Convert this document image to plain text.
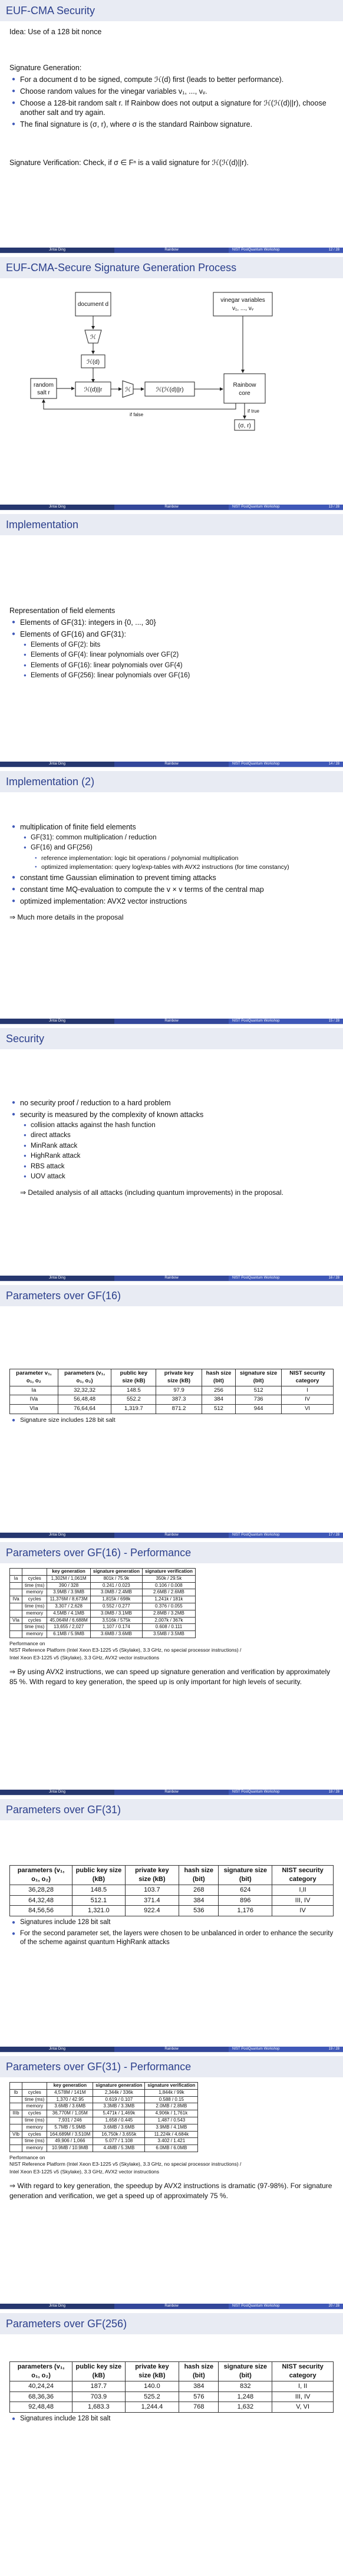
EUF-CMA Security
Idea: Use of a 128 bit nonce
Signature Generation:
● For a document d to be signed, compute ℋ(d) first (leads to better performance).
● Choose random values for the vinegar variables v₁, ..., vᵥ.
● Choose a 128-bit random salt r. If Rainbow does not output a signature for ℋ(ℋ(d)||r), choose another salt and try again.
● The final signature is (σ, r), where σ is the standard Rainbow signature.
Signature Verification: Check, if σ ∈ Fⁿ is a valid signature for ℋ(ℋ(d)||r).
Jintai Ding	Rainbow	NIST PostQuantum Workshop	12 / 28
EUF-CMA-Secure Signature Generation Process
document d
vinegar variables
v₁, ..., vᵥ
ℋ
ℋ(d)
random
salt r	ℋ(d)||r	ℋ	ℋ(ℋ(d)||r)
Rainbow
core
if true
(σ, r)
if false
Jintai Ding	Rainbow	NIST PostQuantum Workshop	13 / 28
Implementation
Representation of field elements
● Elements of GF(31): integers in {0, ..., 30}
● Elements of GF(16) and GF(31):
● Elements of GF(2): bits
● Elements of GF(4): linear polynomials over GF(2)
● Elements of GF(16): linear polynomials over GF(4)
● Elements of GF(256): linear polynomials over GF(16)
Jintai Ding	Rainbow	NIST PostQuantum Workshop	14 / 28
Implementation (2)
● multiplication of finite field elements
● GF(31): common multiplication / reduction
● GF(16) and GF(256)
● reference implementation: logic bit operations / polynomial multiplication
● optimized implementation: query log/exp-tables with AVX2 instructions (for time constancy)
● constant time Gaussian elimination to prevent timing attacks
● constant time MQ-evaluation to compute the v × v terms of the central map
● optimized implementation: AVX2 vector instructions
⇒ Much more details in the proposal
Jintai Ding	Rainbow	NIST PostQuantum Workshop	15 / 28
Security
● no security proof / reduction to a hard problem
● security is measured by the complexity of known attacks
● collision attacks against the hash function
● direct attacks
● MinRank attack
● HighRank attack
● RBS attack
● UOV attack
⇒ Detailed analysis of all attacks (including quantum improvements) in the proposal.
Jintai Ding	Rainbow	NIST PostQuantum Workshop	16 / 28
Parameters over GF(16)
parameter v₁, o₁, o₂	parameters (v₁, o₁, o₂)	public key size (kB)	private key size (kB)	hash size (bit)	signature size (bit)	NIST security category
Ia	32,32,32	148.5	97.9	256	512	I
IVa	56,48,48	552.2	387.3	384	736	IV
VIa	76,64,64	1,319.7	871.2	512	944	VI
● Signature size includes 128 bit salt
Jintai Ding	Rainbow	NIST PostQuantum Workshop	17 / 28
Parameters over GF(16) - Performance
		key generation	signature generation	signature verification
Ia	cycles	1,302M / 1,061M	801k / 75.9k	350k / 29.5k
	time (ms)	390 / 328	0.241 / 0.023	0.106 / 0.008
	memory	3.9MB / 3.9MB	3.0MB / 2.4MB	2.6MB / 2.6MB
IVa	cycles	11,376M / 8,673M	1,815k / 698k	1,241k / 181k
	time (ms)	3,307 / 2,628	0.552 / 0.277	0.376 / 0.055
	memory	4.5MB / 4.1MB	3.0MB / 3.1MB	2.8MB / 3.2MB
VIa	cycles	45,064M / 6,688M	3,516k / 575k	2,007k / 367k
	time (ms)	13,655 / 2,027	1,107 / 0.174	0.608 / 0.111
	memory	6.1MB / 5.9MB	3.6MB / 3.6MB	3.5MB / 3.5MB
Performance on
NIST Reference Platform (Intel Xeon E3-1225 v5 (Skylake), 3.3 GHz, no special processor instructions) /
Intel Xeon E3-1225 v5 (Skylake), 3.3 GHz, AVX2 vector instructions
⇒ By using AVX2 instructions, we can speed up signature generation and verification by approximately 85 %. With regard to key generation, the speed up is only important for high levels of security.
Jintai Ding	Rainbow	NIST PostQuantum Workshop	18 / 28
Parameters over GF(31)
parameters (v₁, o₁, o₂)	public key size (kB)	private key size (kB)	hash size (bit)	signature size (bit)	NIST security category
36,28,28	148.5	103.7	268	624	I,II
64,32,48	512.1	371.4	384	896	III, IV
84,56,56	1,321.0	922.4	536	1,176	IV
● Signatures include 128 bit salt
● For the second parameter set, the layers were chosen to be unbalanced in order to enhance the security of the scheme against quantum HighRank attacks
Jintai Ding	Rainbow	NIST PostQuantum Workshop	19 / 28
Parameters over GF(31) - Performance
		key generation	signature generation	signature verification
Ib	cycles	4,578M / 141M	2,344k / 336k	1,844k / 99k
	time (ms)	1,370 / 42.95	0.619 / 0.107	0.588 / 0.15
	memory	3.6MB / 3.6MB	3.3MB / 3.3MB	2.0MB / 2.8MB
IIIb	cycles	36,770M / 1,05M	5,471k / 1,469k	4,906k / 1,761k
	time (ms)	7,931 / 246	1,658 / 0.445	1,487 / 0.543
	memory	5.7MB / 5.9MB	3.6MB / 3.6MB	3.9MB / 4.1MB
VIb	cycles	164,689M / 3,510M	16,750k / 3,655k	11,224k / 4,684k
	time (ms)	49,906 / 1,066	5.077 / 1.108	3.402 / 1.421
	memory	10.9MB / 10.9MB	4.4MB / 5.3MB	6.0MB / 6.0MB
Performance on
NIST Reference Platform (Intel Xeon E3-1225 v5 (Skylake), 3.3 GHz, no special processor instructions) /
Intel Xeon E3-1225 v5 (Skylake), 3.3 GHz, AVX2 vector instructions
⇒ With regard to key generation, the speedup by AVX2 instructions is dramatic (97-98%). For signature generation and verification, we get a speed up of approximately 75 %.
Jintai Ding	Rainbow	NIST PostQuantum Workshop	20 / 28
Parameters over GF(256)
parameters (v₁, o₁, o₂)	public key size (kB)	private key size (kB)	hash size (bit)	signature size (bit)	NIST security category
40,24,24	187.7	140.0	384	832	I, II
68,36,36	703.9	525.2	576	1,248	III, IV
92,48,48	1,683.3	1,244.4	768	1,632	V, VI
● Signatures include 128 bit salt
